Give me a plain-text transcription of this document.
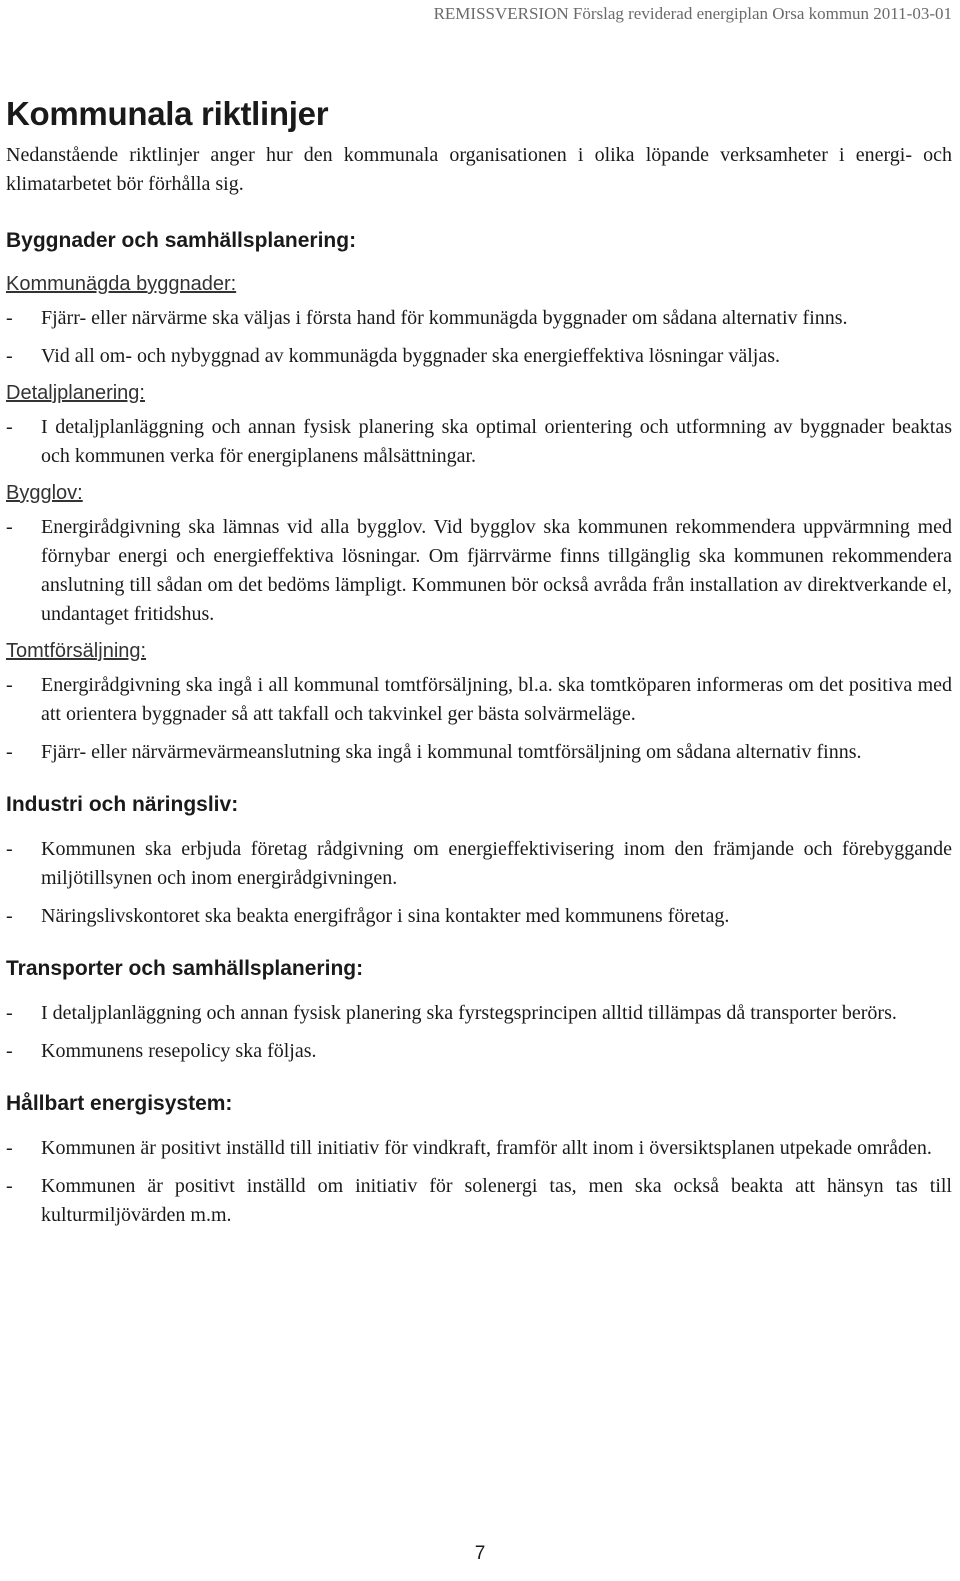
REMISSVERSION Förslag reviderad energiplan Orsa kommun 2011-03-01
Kommunala riktlinjer

Nedanstående riktlinjer anger hur den kommunala organisationen i olika löpande verksamheter i energi- och klimatarbetet bör förhålla sig.

Byggnader och samhällsplanering:
Kommunägda byggnader:
-	Fjärr- eller närvärme ska väljas i första hand för kommunägda byggnader om sådana alternativ finns.
-	Vid all om- och nybyggnad av kommunägda byggnader ska energieffektiva lösningar väljas.
Detaljplanering:
-	I detaljplanläggning och annan fysisk planering ska optimal orientering och utformning av byggnader beaktas och kommunen verka för energiplanens målsättningar.
Bygglov:
-	Energirådgivning ska lämnas vid alla bygglov. Vid bygglov ska kommunen rekommendera uppvärmning med förnybar energi och energieffektiva lösningar. Om fjärrvärme finns tillgänglig ska kommunen rekommendera anslutning till sådan om det bedöms lämpligt. Kommunen bör också avråda från installation av direktverkande el, undantaget fritidshus.
Tomtförsäljning:
-	Energirådgivning ska ingå i all kommunal tomtförsäljning, bl.a. ska tomtköparen informeras om det positiva med att orientera byggnader så att takfall och takvinkel ger bästa solvärmeläge.
-	Fjärr- eller närvärmevärmeanslutning ska ingå i kommunal tomtförsäljning om sådana alternativ finns.
Industri och näringsliv:
-	Kommunen ska erbjuda företag rådgivning om energieffektivisering inom den främjande och förebyggande miljötillsynen och inom energirådgivningen.
-	Näringslivskontoret ska beakta energifrågor i sina kontakter med kommunens företag.
Transporter och samhällsplanering:
-	I detaljplanläggning och annan fysisk planering ska fyrstegsprincipen alltid tillämpas då transporter berörs.
-	Kommunens resepolicy ska följas.
Hållbart energisystem:
-	Kommunen är positivt inställd till initiativ för vindkraft, framför allt inom i översiktsplanen utpekade områden.
-	Kommunen är positivt inställd om initiativ för solenergi tas, men ska också beakta att hänsyn tas till kulturmiljövärden m.m.
7
